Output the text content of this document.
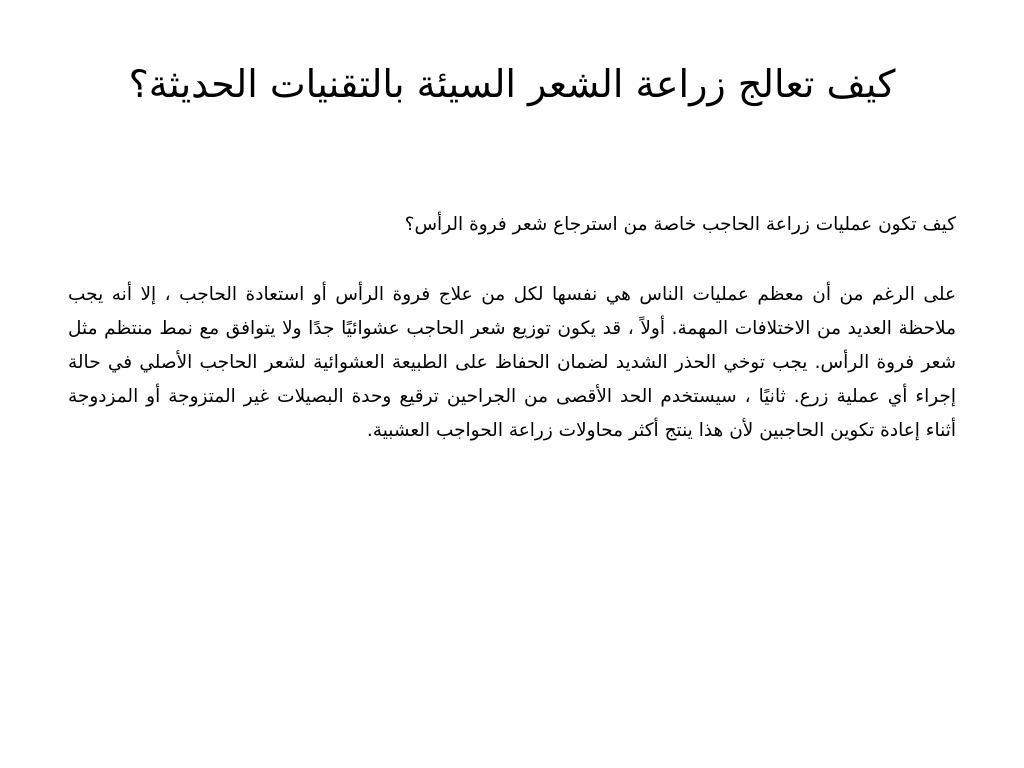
كيف تعالج زراعة الشعر السيئة بالتقنيات الحديثة؟

كيف تكون عمليات زراعة الحاجب خاصة من استرجاع شعر فروة الرأس؟

على الرغم من أن معظم عمليات الناس هي نفسها لكل من علاج فروة الرأس أو استعادة الحاجب ، إلا أنه يجب ملاحظة العديد من الاختلافات المهمة. أولاً ، قد يكون توزيع شعر الحاجب عشوائيًا جدًا ولا يتوافق مع نمط منتظم مثل شعر فروة الرأس. يجب توخي الحذر الشديد لضمان الحفاظ على الطبيعة العشوائية لشعر الحاجب الأصلي في حالة إجراء أي عملية زرع. ثانيًا ، سيستخدم الحد الأقصى من الجراحين ترقيع وحدة البصيلات غير المتزوجة أو المزدوجة أثناء إعادة تكوين الحاجبين لأن هذا ينتج أكثر محاولات زراعة الحواجب العشبية.
